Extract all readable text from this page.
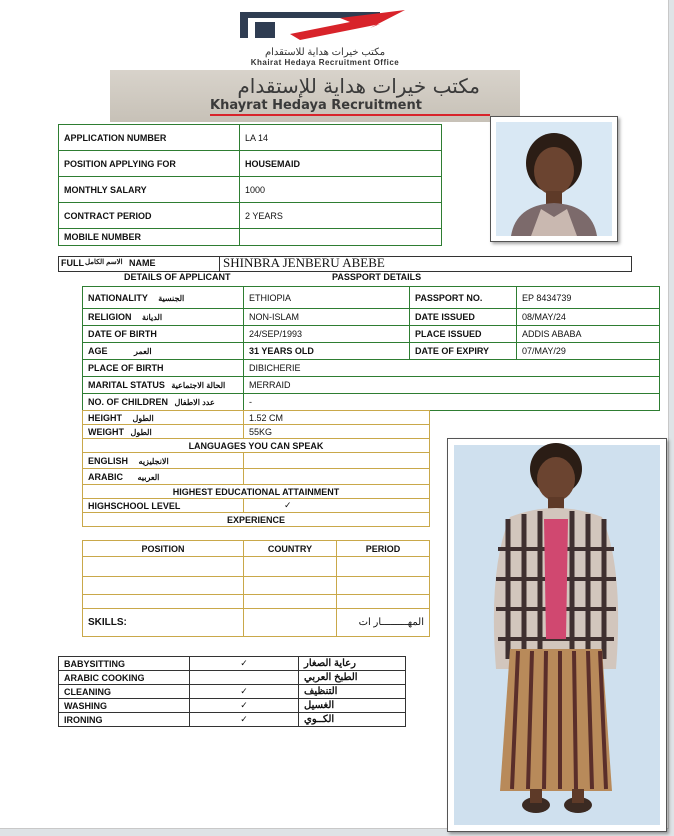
مكتب خيرات هداية للاستقدام
Khairat Hedaya Recruitment Office
مكتب خيرات هداية للإستقدام
Khayrat Hedaya Recruitment
APPLICATION NUMBER	LA 14
POSITION APPLYING FOR	HOUSEMAID
MONTHLY SALARY	1000
CONTRACT PERIOD	2 YEARS
MOBILE NUMBER	
FULL الاسم الكامل NAME	SHINBRA JENBERU ABEBE
DETAILS OF APPLICANT	PASSPORT DETAILS
NATIONALITY الجنسية	ETHIOPIA	PASSPORT NO.	EP 8434739
RELIGION الديانة	NON-ISLAM	DATE ISSUED	08/MAY/24
DATE OF BIRTH	24/SEP/1993	PLACE ISSUED	ADDIS ABABA
AGE العمر	31 YEARS OLD	DATE OF EXPIRY	07/MAY/29
PLACE OF BIRTH	DIBICHERIE		
MARITAL STATUS الحالة الاجتماعية	MERRAID		
NO. OF CHILDREN عدد الاطفال	-		
HEIGHT الطول	1.52 CM
WEIGHT الطول	55KG
LANGUAGES YOU CAN SPEAK	
ENGLISH الانجليزيه	
ARABIC العربيه	
HIGHEST EDUCATIONAL ATTAINMENT	
HIGHSCHOOL LEVEL	✓
EXPERIENCE	
POSITION	COUNTRY	PERIOD

SKILLS:		المهـــــــــار ات
BABYSITTING	✓	رعاية الصغار
ARABIC COOKING		الطبخ العربي
CLEANING	✓	التنظيف
WASHING	✓	الغسيل
IRONING	✓	الكــوي
